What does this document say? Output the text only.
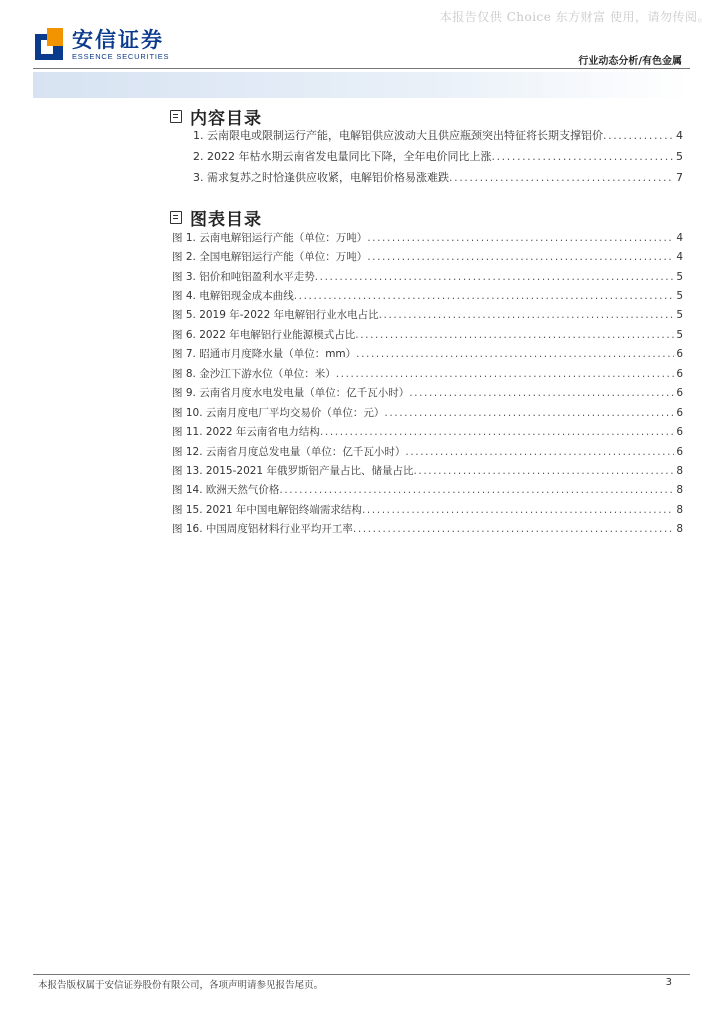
本报告仅供 Choice 东方财富 使用，请勿传阅。
安信证券
ESSENCE SECURITIES	行业动态分析/有色金属
内容目录
1. 云南限电或限制运行产能，电解铝供应波动大且供应瓶颈突出特征将长期支撑铝价 .....	4
2. 2022 年枯水期云南省发电量同比下降，全年电价同比上涨 .....	5
3. 需求复苏之时恰逢供应收紧，电解铝价格易涨难跌 .....	7
图表目录
图 1. 云南电解铝运行产能（单位：万吨） .....	4
图 2. 全国电解铝运行产能（单位：万吨） .....	4
图 3. 铝价和吨铝盈利水平走势 .....	5
图 4. 电解铝现金成本曲线 .....	5
图 5. 2019 年-2022 年电解铝行业水电占比 .....	5
图 6. 2022 年电解铝行业能源模式占比 .....	5
图 7. 昭通市月度降水量（单位：mm） .....	6
图 8. 金沙江下游水位（单位：米） .....	6
图 9. 云南省月度水电发电量（单位：亿千瓦小时） .....	6
图 10. 云南月度电厂平均交易价（单位：元） .....	6
图 11. 2022 年云南省电力结构 .....	6
图 12. 云南省月度总发电量（单位：亿千瓦小时） .....	6
图 13. 2015-2021 年俄罗斯铝产量占比、储量占比 .....	8
图 14. 欧洲天然气价格 .....	8
图 15. 2021 年中国电解铝终端需求结构 .....	8
图 16. 中国周度铝材料行业平均开工率 .....	8
本报告版权属于安信证券股份有限公司，各项声明请参见报告尾页。	3
